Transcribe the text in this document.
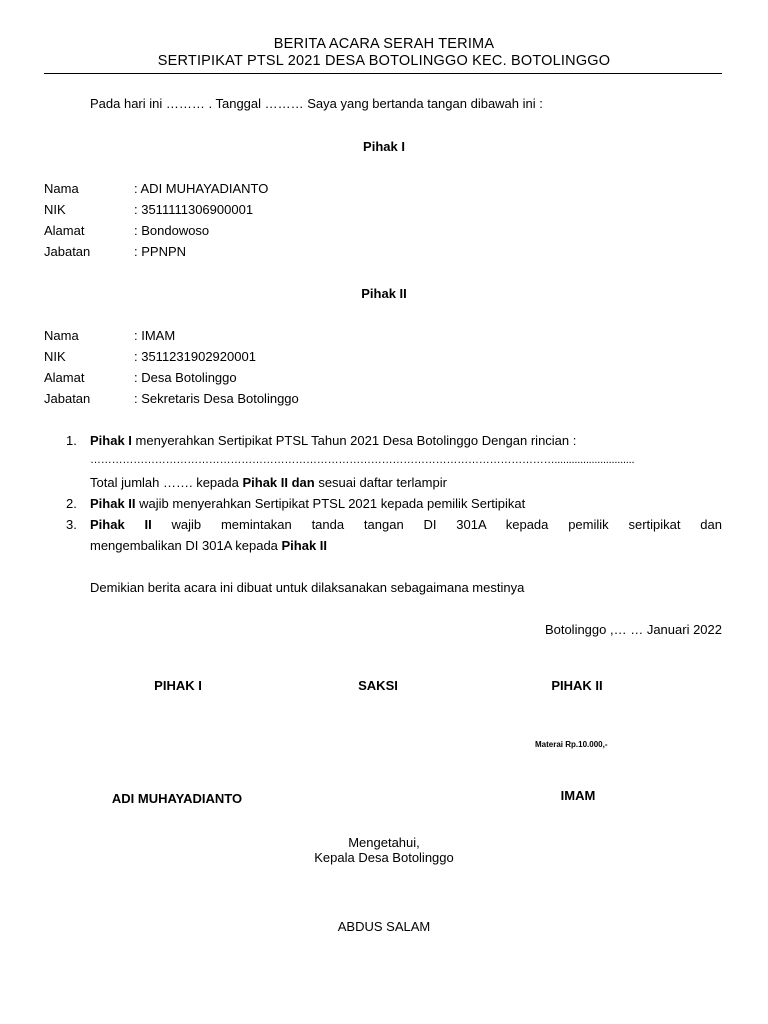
BERITA ACARA SERAH TERIMA
SERTIPIKAT PTSL 2021 DESA BOTOLINGGO KEC. BOTOLINGGO
Pada hari ini ……… . Tanggal ……… Saya yang bertanda tangan dibawah ini :
Pihak I
Nama	: ADI MUHAYADIANTO
NIK	: 3511111306900001
Alamat	: Bondowoso
Jabatan	: PPNPN
Pihak II
Nama	: IMAM
NIK	: 3511231902920001
Alamat	: Desa Botolinggo
Jabatan	: Sekretaris Desa Botolinggo
1. Pihak I menyerahkan Sertipikat PTSL Tahun 2021 Desa Botolinggo Dengan rincian :
…………………………………………………………………………………………………………………............................
Total jumlah ……. kepada Pihak II dan sesuai daftar terlampir
2. Pihak II wajib menyerahkan Sertipikat PTSL 2021 kepada pemilik Sertipikat
3. Pihak II wajib memintakan tanda tangan DI 301A kepada pemilik sertipikat dan
mengembalikan DI 301A kepada Pihak II
Demikian berita acara ini dibuat untuk dilaksanakan sebagaimana mestinya
Botolinggo ,… … Januari 2022
PIHAK I	SAKSI	PIHAK II
Materai Rp.10.000,-
ADI MUHAYADIANTO	IMAM
Mengetahui,
Kepala Desa Botolinggo
ABDUS SALAM
